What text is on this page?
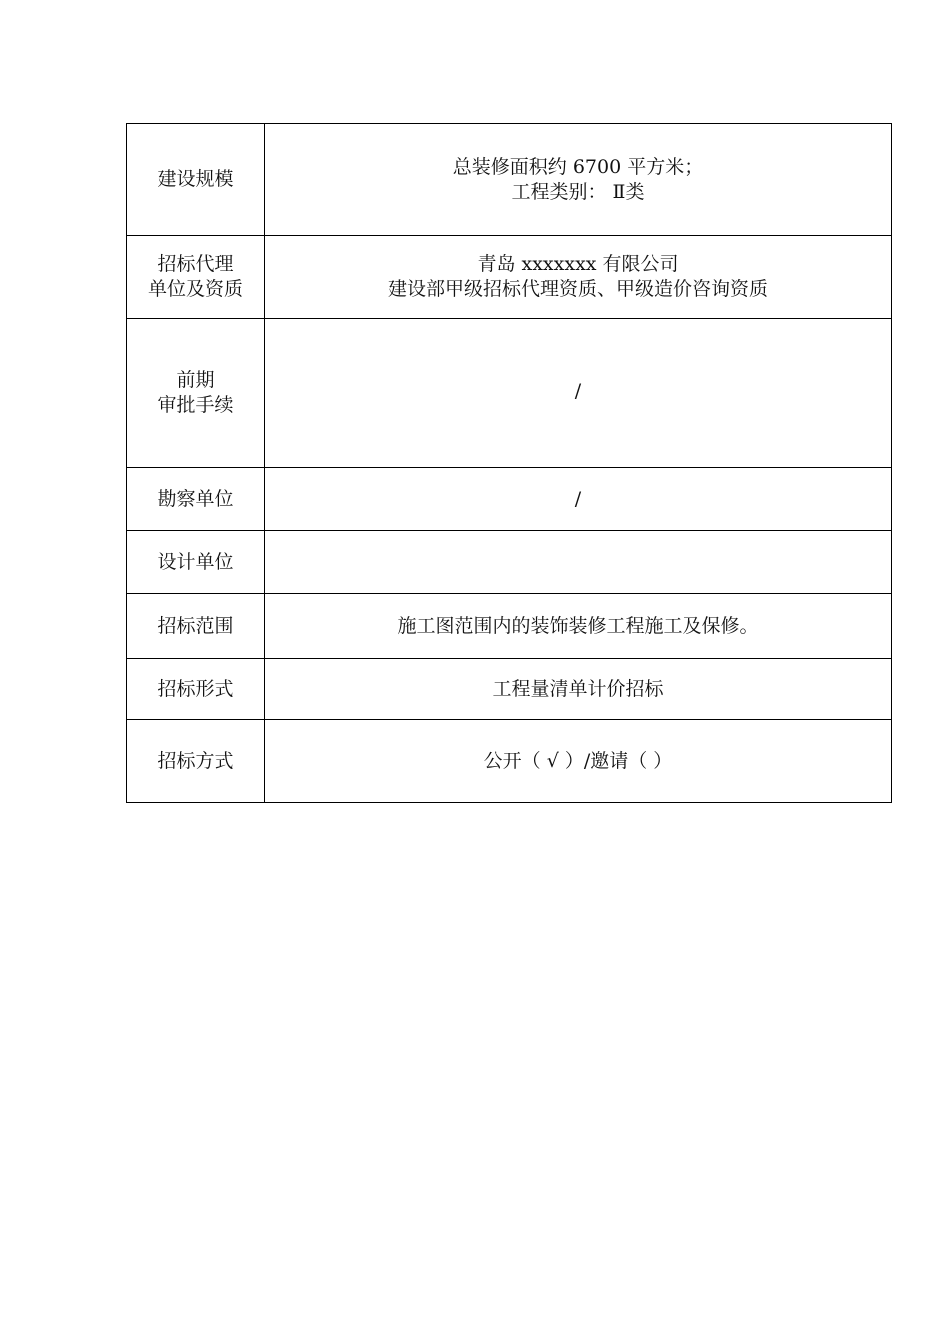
建设规模	总装修面积约 6700 平方米；
工程类别： Ⅱ类

招标代理
单位及资质	青岛 xxxxxxx 有限公司
建设部甲级招标代理资质、甲级造价咨询资质

前期
审批手续	/

勘察单位	/

设计单位	

招标范围	施工图范围内的装饰装修工程施工及保修。

招标形式	工程量清单计价招标

招标方式	公开（ √ ）/邀请（ ）
